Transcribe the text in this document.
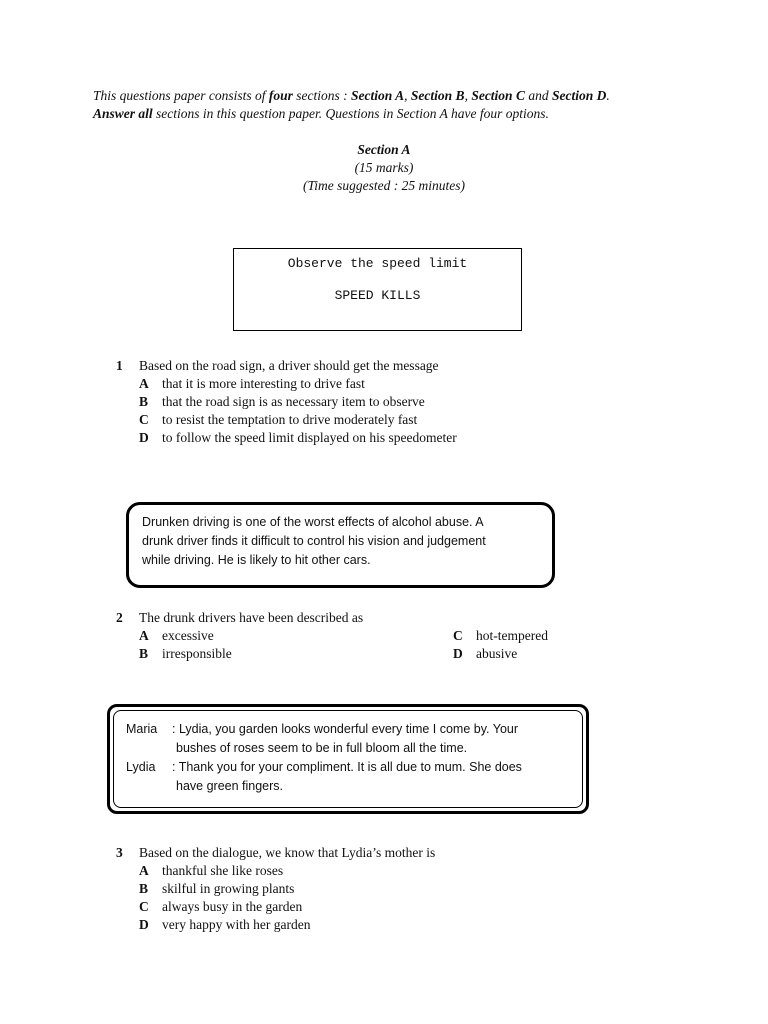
This questions paper consists of four sections : Section A, Section B, Section C and Section D.
Answer all sections in this question paper. Questions in Section A have four options.
Section A
(15 marks)
(Time suggested : 25 minutes)
Observe the speed limit
SPEED KILLS
1 Based on the road sign, a driver should get the message
A that it is more interesting to drive fast
B that the road sign is as necessary item to observe
C to resist the temptation to drive moderately fast
D to follow the speed limit displayed on his speedometer
Drunken driving is one of the worst effects of alcohol abuse. A
drunk driver finds it difficult to control his vision and judgement
while driving. He is likely to hit other cars.
2 The drunk drivers have been described as
A excessive
B irresponsible
C hot-tempered
D abusive
Maria : Lydia, you garden looks wonderful every time I come by. Your
bushes of roses seem to be in full bloom all the time.
Lydia : Thank you for your compliment. It is all due to mum. She does
have green fingers.
3 Based on the dialogue, we know that Lydia’s mother is
A thankful she like roses
B skilful in growing plants
C always busy in the garden
D very happy with her garden
